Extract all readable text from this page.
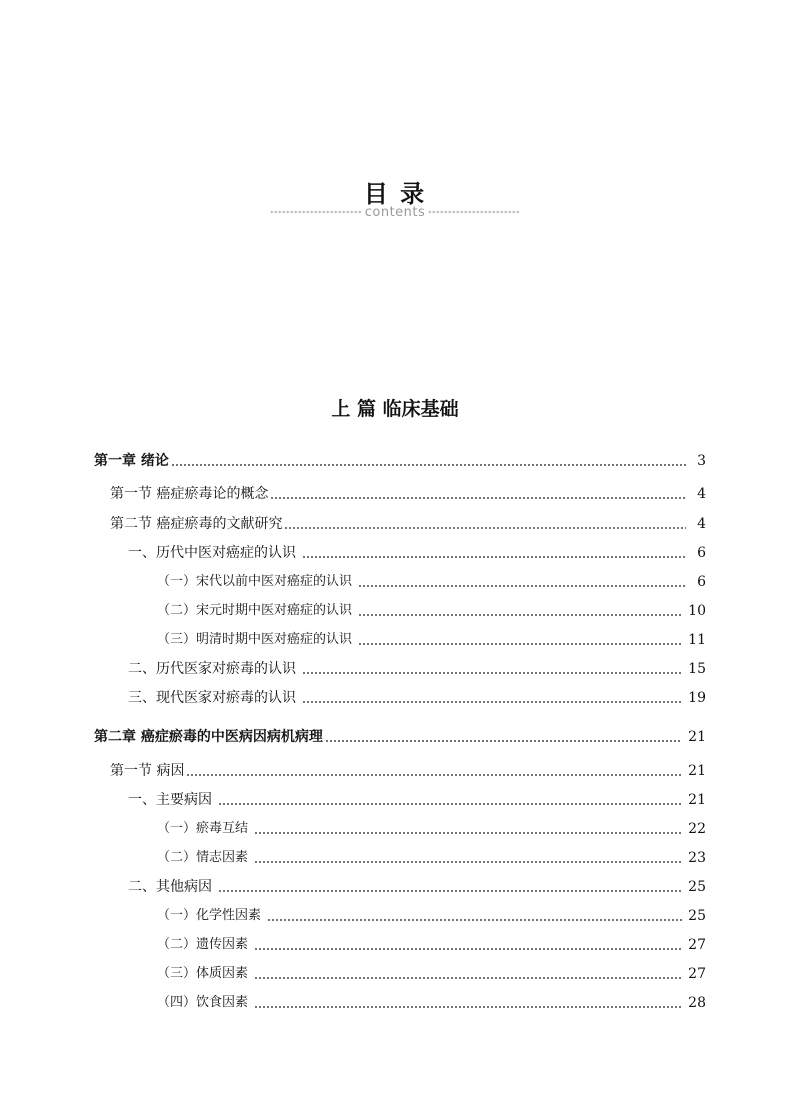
目 录
contents
上 篇 临床基础
第一章 绪论	3
第一节 癌症瘀毒论的概念	4
第二节 癌症瘀毒的文献研究	4
一、历代中医对癌症的认识	6
（一）宋代以前中医对癌症的认识	6
（二）宋元时期中医对癌症的认识	10
（三）明清时期中医对癌症的认识	11
二、历代医家对瘀毒的认识	15
三、现代医家对瘀毒的认识	19
第二章 癌症瘀毒的中医病因病机病理	21
第一节 病因	21
一、主要病因	21
（一）瘀毒互结	22
（二）情志因素	23
二、其他病因	25
（一）化学性因素	25
（二）遗传因素	27
（三）体质因素	27
（四）饮食因素	28
